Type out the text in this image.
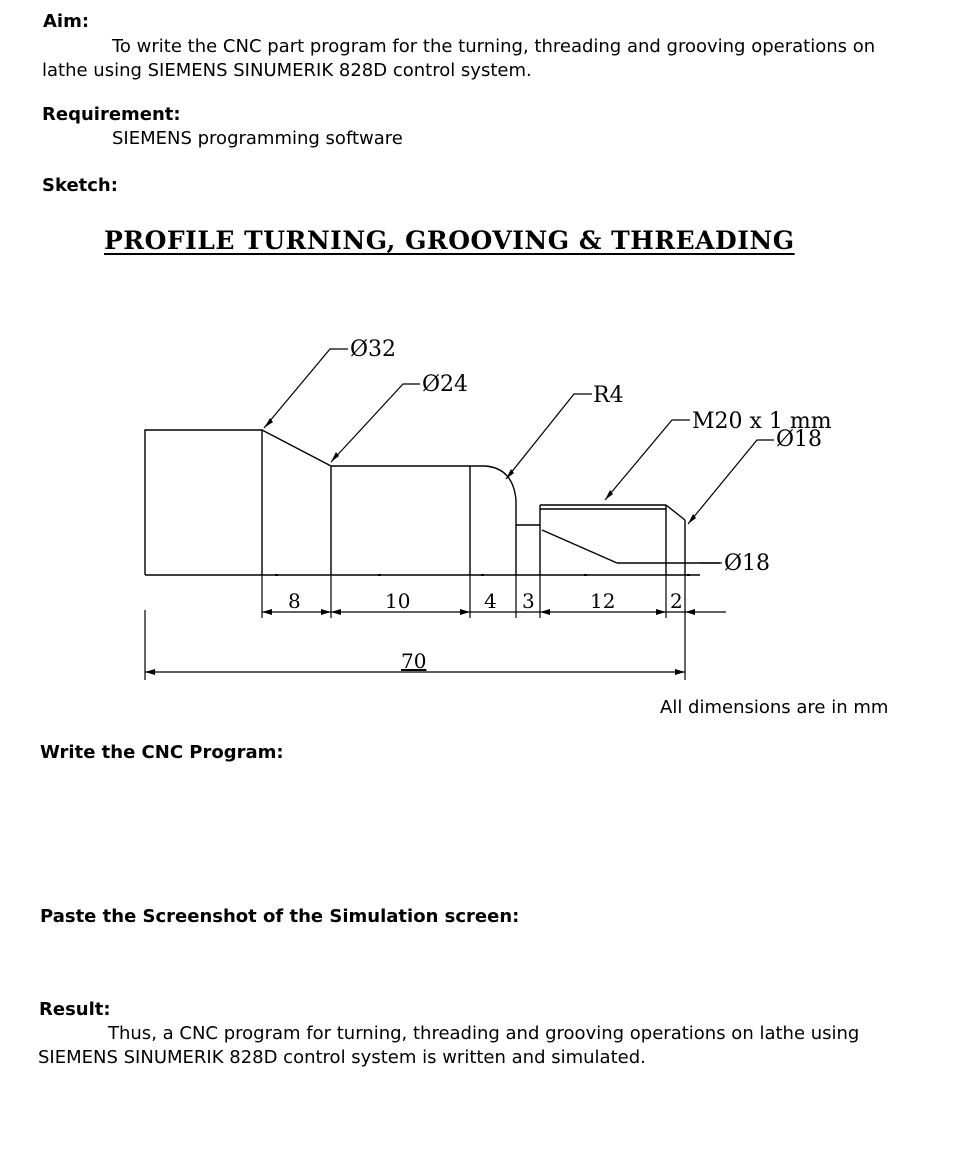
Aim:

To write the CNC part program for the turning, threading and grooving operations on lathe using SIEMENS SINUMERIK 828D control system.

Requirement:

SIEMENS programming software

Sketch:

PROFILE TURNING, GROOVING & THREADING

Ø32
Ø24	R4
M20 x 1 mm
Ø18
Ø18
8	10	4 3	12	2
70

All dimensions are in mm

Write the CNC Program:

Paste the Screenshot of the Simulation screen:

Result:

Thus, a CNC program for turning, threading and grooving operations on lathe using SIEMENS SINUMERIK 828D control system is written and simulated.
